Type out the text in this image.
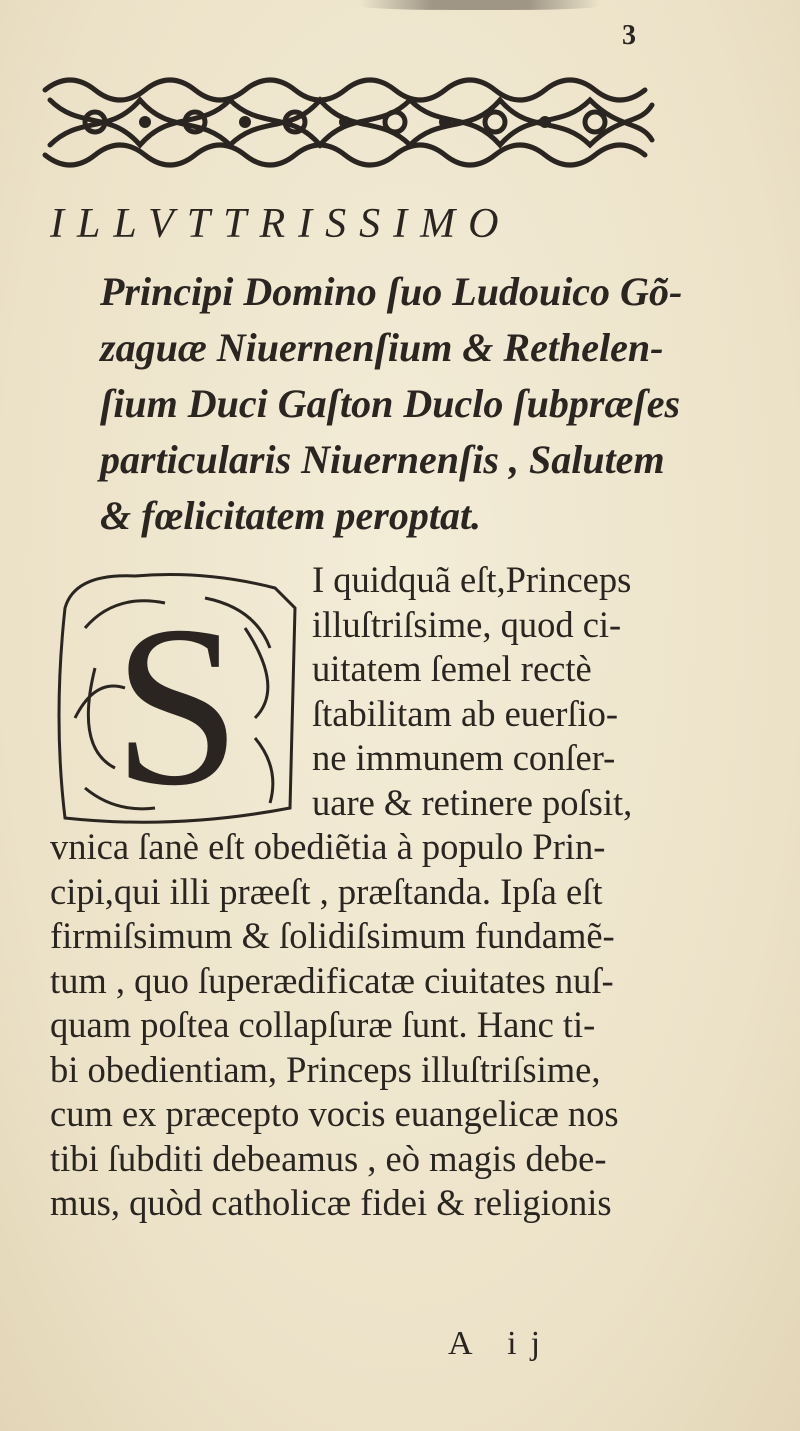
3
ILLVTTRISSIMO
Principi Domino ſuo Ludouico Gõ-
zaguæ Niuernenſium & Rethelen-
ſium Duci Gaſton Duclo ſubpræſes
particularis Niuernenſis , Salutem
& fœlicitatem peroptat.
S	I quidquã eſt,Princeps
illuſtriſsime, quod ci-
uitatem ſemel rectè
ſtabilitam ab euerſio-
ne immunem conſer-
uare & retinere poſsit,
vnica ſanè eſt obediẽtia à populo Prin-
cipi,qui illi præeſt , præſtanda. Ipſa eſt
firmiſsimum & ſolidiſsimum fundamẽ-
tum , quo ſuperædificatæ ciuitates nuſ-
quam poſtea collapſuræ ſunt. Hanc ti-
bi obedientiam, Princeps illuſtriſsime,
cum ex præcepto vocis euangelicæ nos
tibi ſubditi debeamus , eò magis debe-
mus, quòd catholicæ fidei & religionis
A ij
